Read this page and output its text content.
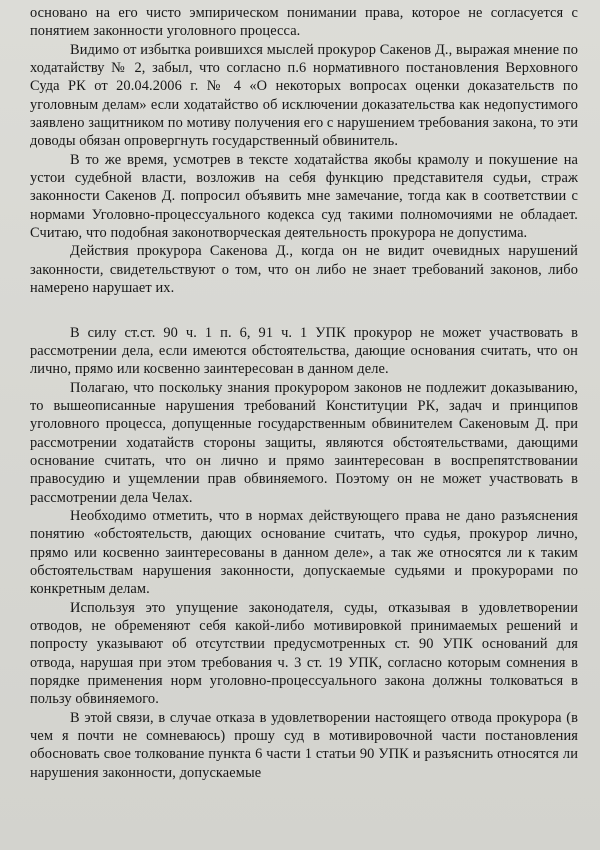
основано на его чисто эмпирическом понимании права, которое не согласуется с понятием законности уголовного процесса.

Видимо от избытка роившихся мыслей прокурор Сакенов Д., выражая мнение по ходатайству № 2, забыл, что согласно п.6 нормативного постановления Верховного Суда РК от 20.04.2006 г. № 4 «О некоторых вопросах оценки доказательств по уголовным делам» если ходатайство об исключении доказательства как недопустимого заявлено защитником по мотиву получения его с нарушением требования закона, то эти доводы обязан опровергнуть государственный обвинитель.

В то же время, усмотрев в тексте ходатайства якобы крамолу и покушение на устои судебной власти, возложив на себя функцию представителя судьи, страж законности Сакенов Д. попросил объявить мне замечание, тогда как в соответствии с нормами Уголовно-процессуального кодекса суд такими полномочиями не обладает. Считаю, что подобная законотворческая деятельность прокурора не допустима.

Действия прокурора Сакенова Д., когда он не видит очевидных нарушений законности, свидетельствуют о том, что он либо не знает требований законов, либо намерено нарушает их.

В силу ст.ст. 90 ч. 1 п. 6, 91 ч. 1 УПК прокурор не может участвовать в рассмотрении дела, если имеются обстоятельства, дающие основания считать, что он лично, прямо или косвенно заинтересован в данном деле.

Полагаю, что поскольку знания прокурором законов не подлежит доказыванию, то вышеописанные нарушения требований Конституции РК, задач и принципов уголовного процесса, допущенные государственным обвинителем Сакеновым Д. при рассмотрении ходатайств стороны защиты, являются обстоятельствами, дающими основание считать, что он лично и прямо заинтересован в воспрепятствовании правосудию и ущемлении прав обвиняемого. Поэтому он не может участвовать в рассмотрении дела Челах.

Необходимо отметить, что в нормах действующего права не дано разъяснения понятию «обстоятельств, дающих основание считать, что судья, прокурор лично, прямо или косвенно заинтересованы в данном деле», а так же относятся ли к таким обстоятельствам нарушения законности, допускаемые судьями и прокурорами по конкретным делам.

Используя это упущение законодателя, суды, отказывая в удовлетворении отводов, не обременяют себя какой-либо мотивировкой принимаемых решений и попросту указывают об отсутствии предусмотренных ст. 90 УПК оснований для отвода, нарушая при этом требования ч. 3 ст. 19 УПК, согласно которым сомнения в порядке применения норм уголовно-процессуального закона должны толковаться в пользу обвиняемого.

В этой связи, в случае отказа в удовлетворении настоящего отвода прокурора (в чем я почти не сомневаюсь) прошу суд в мотивировочной части постановления обосновать свое толкование пункта 6 части 1 статьи 90 УПК и разъяснить относятся ли нарушения законности, допускаемые
